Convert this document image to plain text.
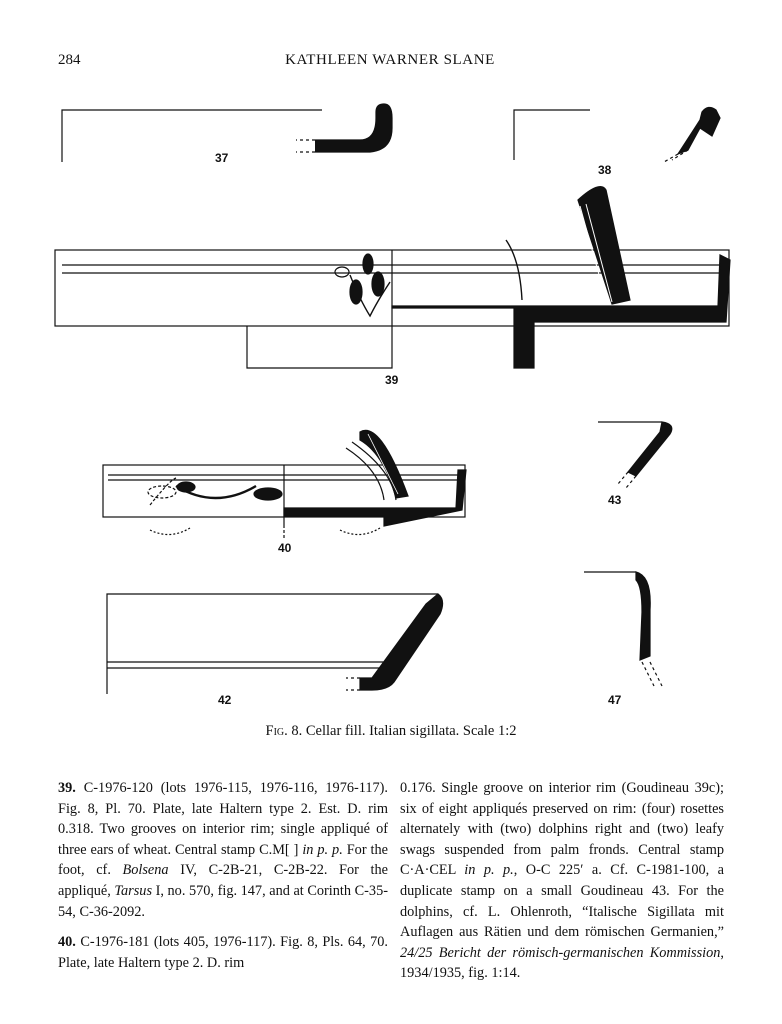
284	KATHLEEN WARNER SLANE
37
38
39
40
43
42	47
Fig. 8. Cellar fill. Italian sigillata. Scale 1:2

39. C-1976-120 (lots 1976-115, 1976-116, 1976-117). Fig. 8, Pl. 70. Plate, late Haltern type 2. Est. D. rim 0.318. Two grooves on interior rim; single appliqué of three ears of wheat. Central stamp C.M[ ] in p. p. For the foot, cf. Bolsena IV, C-2B-21, C-2B-22. For the appliqué, Tarsus I, no. 570, fig. 147, and at Corinth C-35-54, C-36-2092.

40. C-1976-181 (lots 405, 1976-117). Fig. 8, Pls. 64, 70. Plate, late Haltern type 2. D. rim

0.176. Single groove on interior rim (Goudineau 39c); six of eight appliqués preserved on rim: (four) rosettes alternately with (two) dolphins right and (two) leafy swags suspended from palm fronds. Central stamp C·A·CEL in p. p., O-C 225′ a. Cf. C-1981-100, a duplicate stamp on a small Goudineau 43. For the dolphins, cf. L. Ohlenroth, “Italische Sigillata mit Auflagen aus Rätien und dem römischen Germanien,” 24/25 Bericht der römisch-germanischen Kommission, 1934/1935, fig. 1:14.
